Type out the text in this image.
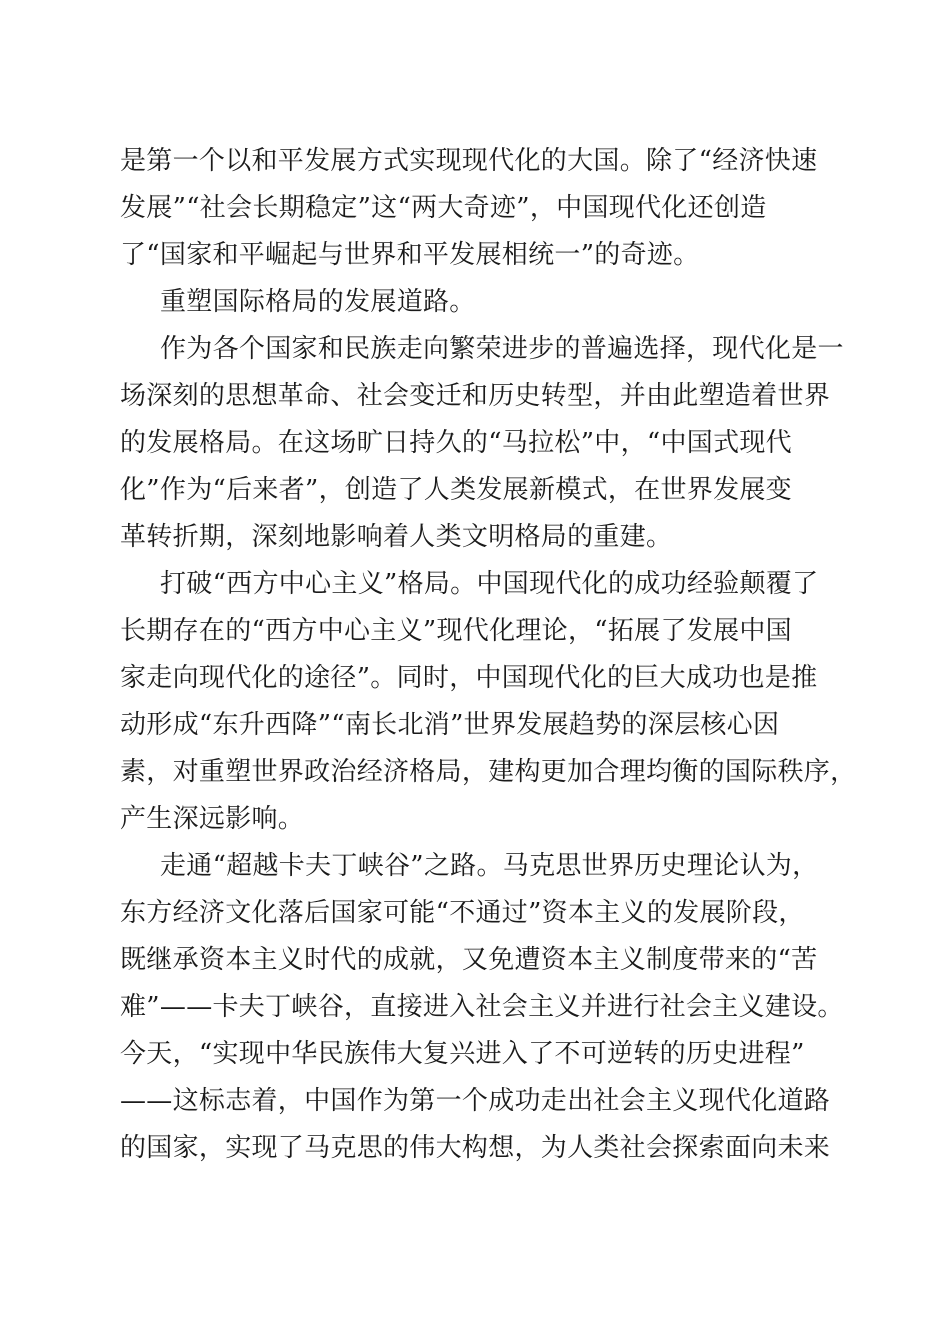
是第一个以和平发展方式实现现代化的大国。除了“经济快速
发展”“社会长期稳定”这“两大奇迹”，中国现代化还创造
了“国家和平崛起与世界和平发展相统一”的奇迹。
重塑国际格局的发展道路。
作为各个国家和民族走向繁荣进步的普遍选择，现代化是一
场深刻的思想革命、社会变迁和历史转型，并由此塑造着世界
的发展格局。在这场旷日持久的“马拉松”中，“中国式现代
化”作为“后来者”，创造了人类发展新模式，在世界发展变
革转折期，深刻地影响着人类文明格局的重建。
打破“西方中心主义”格局。中国现代化的成功经验颠覆了
长期存在的“西方中心主义”现代化理论，“拓展了发展中国
家走向现代化的途径”。同时，中国现代化的巨大成功也是推
动形成“东升西降”“南长北消”世界发展趋势的深层核心因
素，对重塑世界政治经济格局，建构更加合理均衡的国际秩序，
产生深远影响。
走通“超越卡夫丁峡谷”之路。马克思世界历史理论认为，
东方经济文化落后国家可能“不通过”资本主义的发展阶段，
既继承资本主义时代的成就，又免遭资本主义制度带来的“苦
难”——卡夫丁峡谷，直接进入社会主义并进行社会主义建设。
今天，“实现中华民族伟大复兴进入了不可逆转的历史进程”
——这标志着，中国作为第一个成功走出社会主义现代化道路
的国家，实现了马克思的伟大构想，为人类社会探索面向未来
